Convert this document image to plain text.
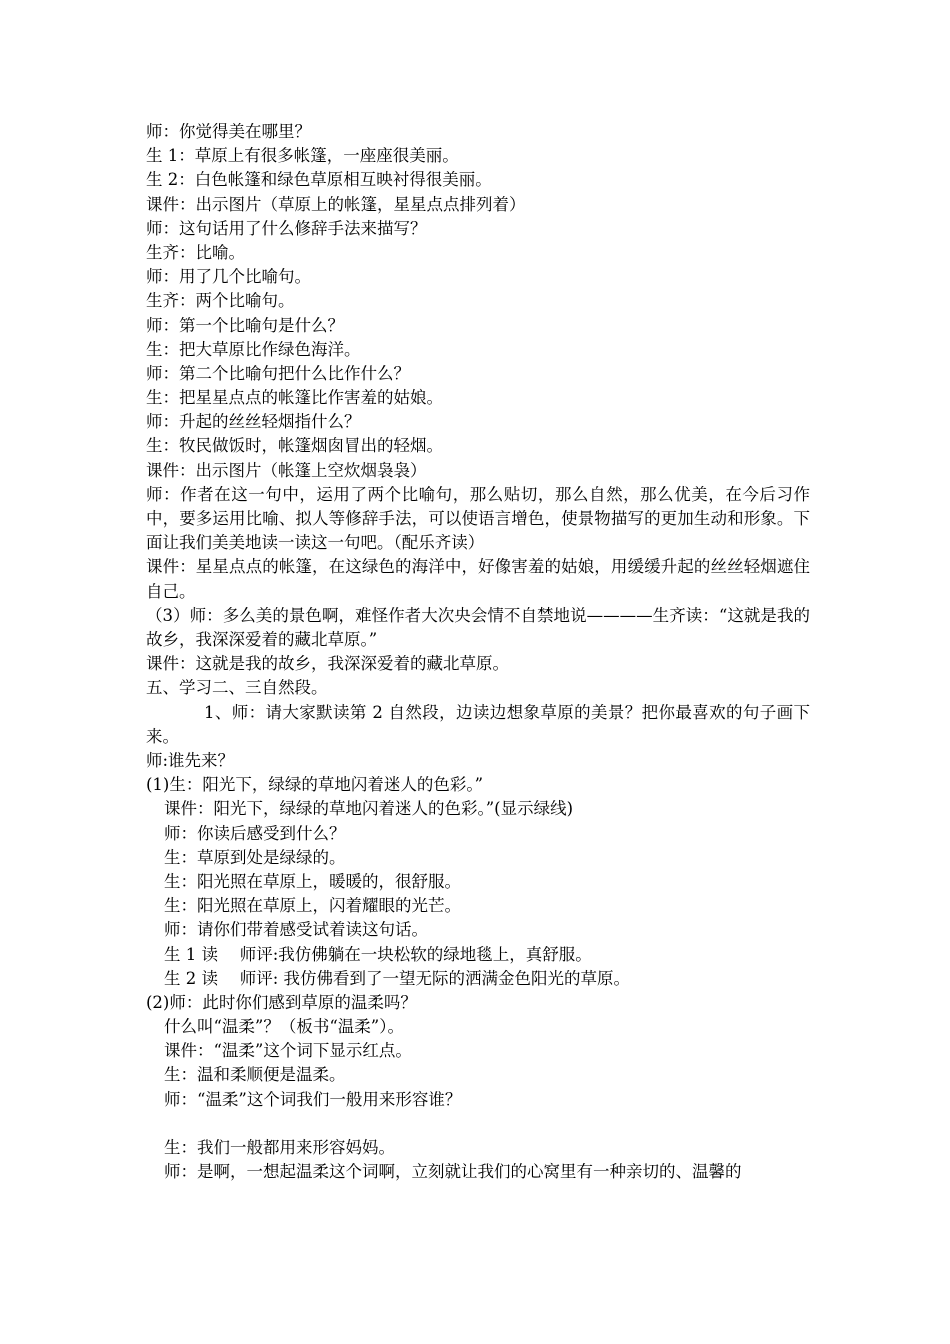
师：你觉得美在哪里？
生 1：草原上有很多帐篷，一座座很美丽。
生 2：白色帐篷和绿色草原相互映衬得很美丽。
课件：出示图片（草原上的帐篷，星星点点排列着）
师：这句话用了什么修辞手法来描写？
生齐：比喻。
师：用了几个比喻句。
生齐：两个比喻句。
师：第一个比喻句是什么？
生：把大草原比作绿色海洋。
师：第二个比喻句把什么比作什么？
生：把星星点点的帐篷比作害羞的姑娘。
师：升起的丝丝轻烟指什么？
生：牧民做饭时，帐篷烟囱冒出的轻烟。
课件：出示图片（帐篷上空炊烟袅袅）
师：作者在这一句中，运用了两个比喻句，那么贴切，那么自然，那么优美，在今后习作中，要多运用比喻、拟人等修辞手法，可以使语言增色，使景物描写的更加生动和形象。下面让我们美美地读一读这一句吧。（配乐齐读）
课件：星星点点的帐篷，在这绿色的海洋中，好像害羞的姑娘，用缓缓升起的丝丝轻烟遮住自己。
（3）师：多么美的景色啊，难怪作者大次央会情不自禁地说————生齐读：“这就是我的故乡，我深深爱着的藏北草原。”
课件：这就是我的故乡，我深深爱着的藏北草原。
五、学习二、三自然段。
1、师：请大家默读第 2 自然段，边读边想象草原的美景？把你最喜欢的句子画下来。
师:谁先来？
(1)生：阳光下，绿绿的草地闪着迷人的色彩。”
课件：阳光下，绿绿的草地闪着迷人的色彩。”(显示绿线)
师：你读后感受到什么？
生：草原到处是绿绿的。
生：阳光照在草原上，暖暖的，很舒服。
生：阳光照在草原上，闪着耀眼的光芒。
师：请你们带着感受试着读这句话。
生 1 读　 师评:我仿佛躺在一块松软的绿地毯上，真舒服。
生 2 读　 师评: 我仿佛看到了一望无际的洒满金色阳光的草原。
(2)师：此时你们感到草原的温柔吗？
什么叫“温柔”？（板书“温柔”）。
课件：“温柔”这个词下显示红点。
生：温和柔顺便是温柔。
师：“温柔”这个词我们一般用来形容谁？
生：我们一般都用来形容妈妈。
师：是啊，一想起温柔这个词啊，立刻就让我们的心窝里有一种亲切的、温馨的
